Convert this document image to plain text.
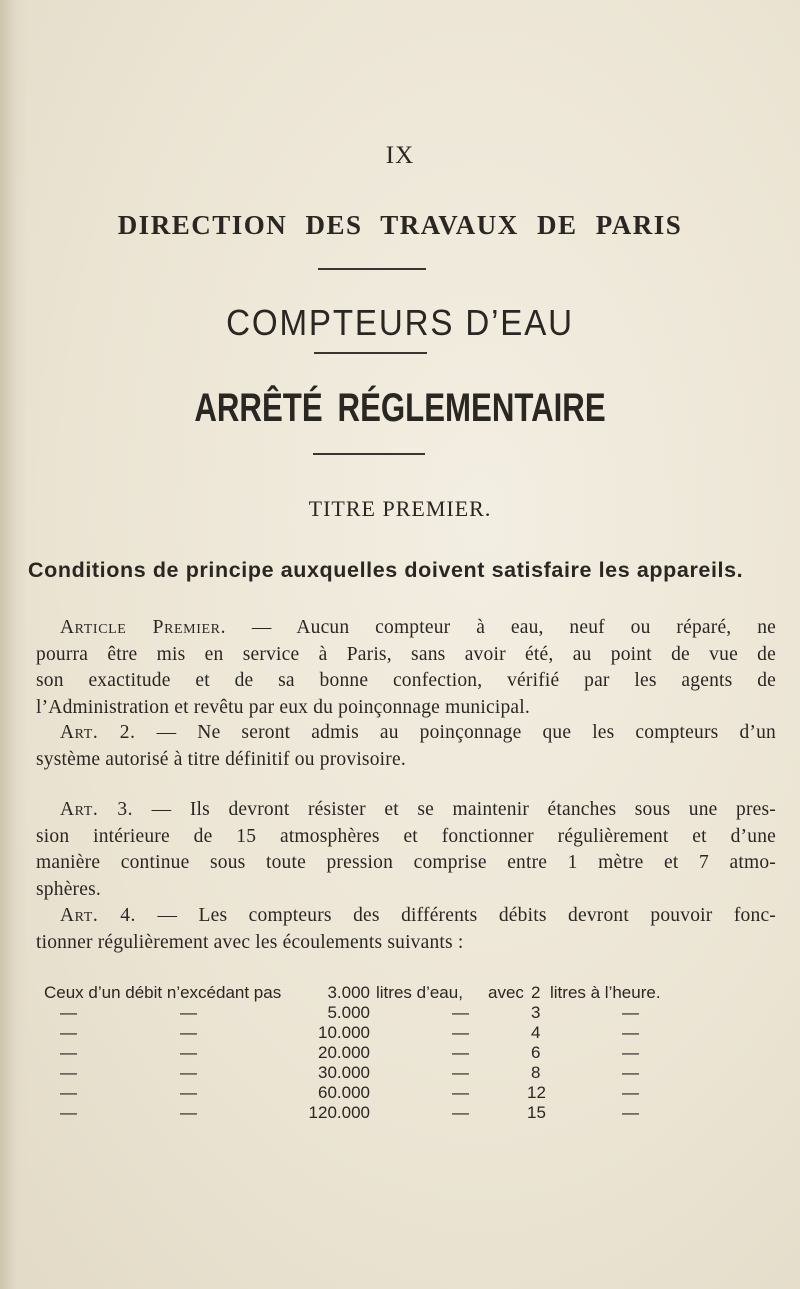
IX
DIRECTION DES TRAVAUX DE PARIS
COMPTEURS D’EAU
ARRÊTÉ RÉGLEMENTAIRE
TITRE PREMIER.
Conditions de principe auxquelles doivent satisfaire les appareils.
Article Premier. — Aucun compteur à eau, neuf ou réparé, ne
pourra être mis en service à Paris, sans avoir été, au point de vue de
son exactitude et de sa bonne confection, vérifié par les agents de
l’Administration et revêtu par eux du poinçonnage municipal.
Art. 2. — Ne seront admis au poinçonnage que les compteurs d’un
système autorisé à titre définitif ou provisoire.
Art. 3. — Ils devront résister et se maintenir étanches sous une pres-
sion intérieure de 15 atmosphères et fonctionner régulièrement et d’une
manière continue sous toute pression comprise entre 1 mètre et 7 atmo-
sphères.
Art. 4. — Les compteurs des différents débits devront pouvoir fonc-
tionner régulièrement avec les écoulements suivants :
Ceux d’un débit n’excédant pas	3.000 litres d’eau, avec 2 litres à l’heure.
—	—	5.000	—	3	—
—	—	10.000	—	4	—
—	—	20.000	—	6	—
—	—	30.000	—	8	—
—	—	60.000	—	12	—
—	—	120.000	—	15	—
